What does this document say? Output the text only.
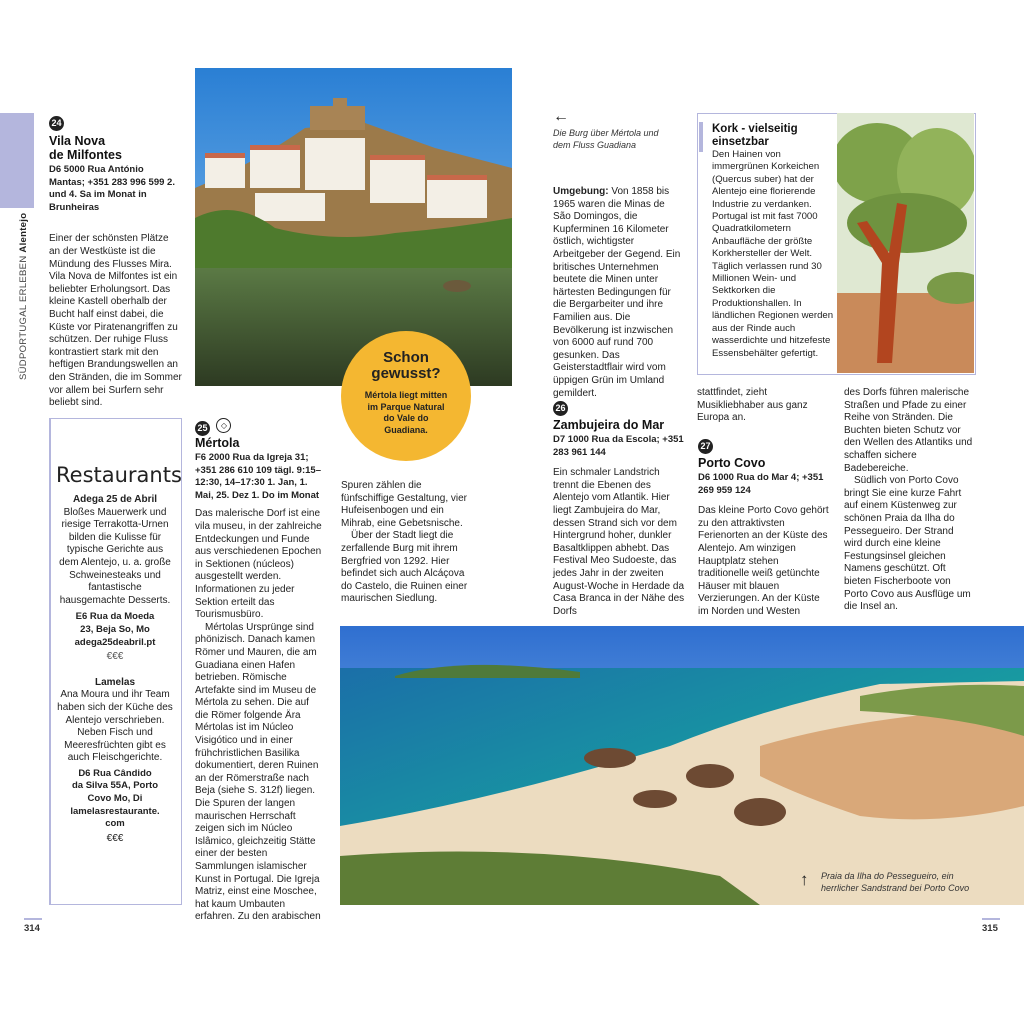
SÜDPORTUGAL ERLEBEN Alentejo
24
Vila Nova
de Milfontes
D6 5000 Rua António Mantas; +351 283 996 599 2. und 4. Sa im Monat in Brunheiras

Einer der schönsten Plätze an der Westküste ist die Mündung des Flusses Mira. Vila Nova de Milfontes ist ein beliebter Erholungsort. Das kleine Kastell oberhalb der Bucht half einst dabei, die Küste vor Piratenangriffen zu schützen. Der ruhige Fluss kontrastiert stark mit den heftigen Brandungswellen an den Stränden, die im Sommer vor allem bei Surfern sehr beliebt sind.

Restaurants
Adega 25 de Abril

Bloßes Mauerwerk und riesige Terrakotta-Urnen bilden die Kulisse für typische Gerichte aus dem Alentejo, u. a. große Schweinesteaks und fantastische hausgemachte Desserts.

E6 Rua da Moeda
23, Beja So, Mo
adega25deabril.pt
€€€
Lamelas

Ana Moura und ihr Team haben sich der Küche des Alentejo verschrieben. Neben Fisch und Meeresfrüchten gibt es auch Fleischgerichte.

D6 Rua Cândido
da Silva 55A, Porto
Covo Mo, Di
lamelasrestaurante.
com
€€€
Schon
gewusst?
Mértola liegt mitten im Parque Natural do Vale do Guadiana.
25 ◇
Mértola
F6 2000 Rua da Igreja 31; +351 286 610 109 tägl. 9:15–12:30, 14–17:30 1. Jan, 1. Mai, 25. Dez 1. Do im Monat

Das malerische Dorf ist eine vila museu, in der zahlreiche Entdeckungen und Funde aus verschiedenen Epochen in Sektionen (núcleos) ausgestellt werden. Informationen zu jeder Sektion erteilt das Tourismusbüro.

Mértolas Ursprünge sind phönizisch. Danach kamen Römer und Mauren, die am Guadiana einen Hafen betrieben. Römische Artefakte sind im Museu de Mértola zu sehen. Die auf die Römer folgende Ära Mértolas ist im Núcleo Visigótico und in einer frühchristlichen Basilika dokumentiert, deren Ruinen an der Römerstraße nach Beja (siehe S. 312f) liegen. Die Spuren der langen maurischen Herrschaft zeigen sich im Núcleo Islâmico, gleichzeitig Stätte einer der besten Sammlungen islamischer Kunst in Portugal. Die Igreja Matriz, einst eine Moschee, hat kaum Umbauten erfahren. Zu den arabischen

Spuren zählen die fünfschiffige Gestaltung, vier Hufeisenbogen und ein Mihrab, eine Gebetsnische.

Über der Stadt liegt die zerfallende Burg mit ihrem Bergfried von 1292. Hier befindet sich auch Alcáçova do Castelo, die Ruinen einer maurischen Siedlung.

←
Die Burg über Mértola und dem Fluss Guadiana

Umgebung: Von 1858 bis 1965 waren die Minas de São Domingos, die Kupferminen 16 Kilometer östlich, wichtigster Arbeitgeber der Gegend. Ein britisches Unternehmen beutete die Minen unter härtesten Bedingungen für die Bergarbeiter und ihre Familien aus. Die Bevölkerung ist inzwischen von 6000 auf rund 700 gesunken. Das Geisterstadtflair wird vom üppigen Grün im Umland gemildert.

26
Zambujeira do Mar
D7 1000 Rua da Escola; +351 283 961 144

Ein schmaler Landstrich trennt die Ebenen des Alentejo vom Atlantik. Hier liegt Zambujeira do Mar, dessen Strand sich vor dem Hintergrund hoher, dunkler Basaltklippen abhebt. Das Festival Meo Sudoeste, das jedes Jahr in der zweiten August-Woche in Herdade da Casa Branca in der Nähe des Dorfs

Kork - vielseitig
einsetzbar

Den Hainen von immergrünen Korkeichen (Quercus suber) hat der Alentejo eine florierende Industrie zu verdanken. Portugal ist mit fast 7000 Quadratkilometern Anbaufläche der größte Korkhersteller der Welt. Täglich verlassen rund 30 Millionen Wein- und Sektkorken die Produktionshallen. In ländlichen Regionen werden aus der Rinde auch wasserdichte und hitzefeste Essensbehälter gefertigt.

stattfindet, zieht Musikliebhaber aus ganz Europa an.
27
Porto Covo
D6 1000 Rua do Mar 4; +351 269 959 124

Das kleine Porto Covo gehört zu den attraktivsten Ferienorten an der Küste des Alentejo. Am winzigen Hauptplatz stehen traditionelle weiß getünchte Häuser mit blauen Verzierungen. An der Küste im Norden und Westen

des Dorfs führen malerische Straßen und Pfade zu einer Reihe von Stränden. Die Buchten bieten Schutz vor den Wellen des Atlantiks und schaffen sichere Badebereiche.

Südlich von Porto Covo bringt Sie eine kurze Fahrt auf einem Küstenweg zur schönen Praia da Ilha do Pessegueiro. Der Strand wird durch eine kleine Festungsinsel gleichen Namens geschützt. Oft bieten Fischerboote von Porto Covo aus Ausflüge um die Insel an.

↑ Praia da Ilha do Pessegueiro, ein herrlicher Sandstrand bei Porto Covo
314	315
